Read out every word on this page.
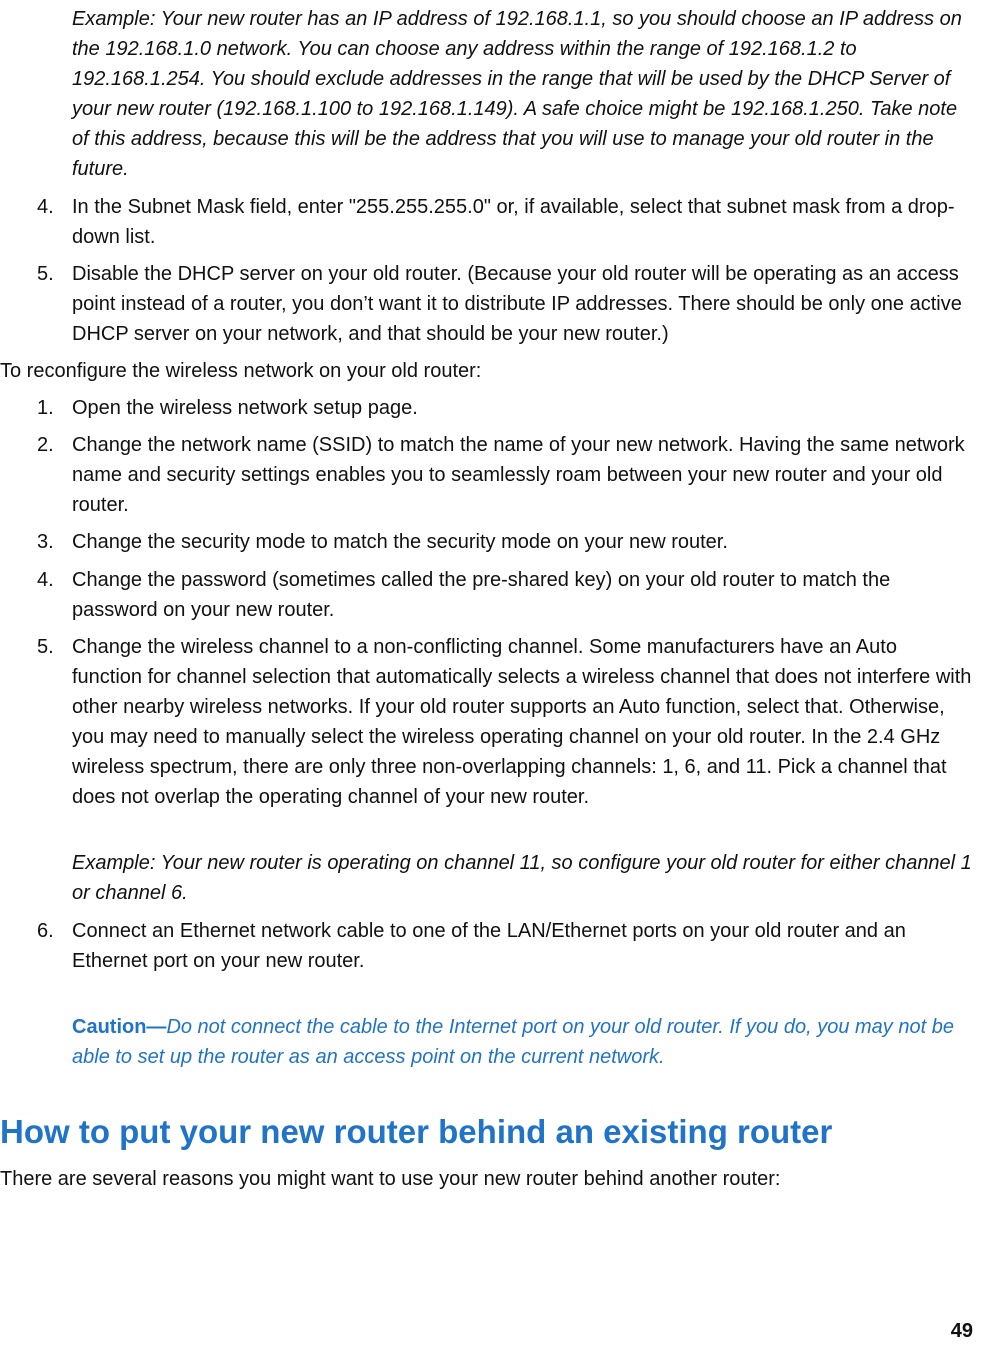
Example: Your new router has an IP address of 192.168.1.1, so you should choose an IP address on the 192.168.1.0 network. You can choose any address within the range of 192.168.1.2 to 192.168.1.254. You should exclude addresses in the range that will be used by the DHCP Server of your new router (192.168.1.100 to 192.168.1.149). A safe choice might be 192.168.1.250. Take note of this address, because this will be the address that you will use to manage your old router in the future.

4. In the Subnet Mask field, enter "255.255.255.0" or, if available, select that subnet mask from a drop-down list.
5. Disable the DHCP server on your old router. (Because your old router will be operating as an access point instead of a router, you don’t want it to distribute IP addresses. There should be only one active DHCP server on your network, and that should be your new router.)

To reconfigure the wireless network on your old router:

1. Open the wireless network setup page.
2. Change the network name (SSID) to match the name of your new network. Having the same network name and security settings enables you to seamlessly roam between your new router and your old router.
3. Change the security mode to match the security mode on your new router.
4. Change the password (sometimes called the pre-shared key) on your old router to match the password on your new router.
5. Change the wireless channel to a non-conflicting channel. Some manufacturers have an Auto function for channel selection that automatically selects a wireless channel that does not interfere with other nearby wireless networks. If your old router supports an Auto function, select that. Otherwise, you may need to manually select the wireless operating channel on your old router. In the 2.4 GHz wireless spectrum, there are only three non-overlapping channels: 1, 6, and 11. Pick a channel that does not overlap the operating channel of your new router.

Example: Your new router is operating on channel 11, so configure your old router for either channel 1 or channel 6.

6. Connect an Ethernet network cable to one of the LAN/Ethernet ports on your old router and an Ethernet port on your new router.

Caution—Do not connect the cable to the Internet port on your old router. If you do, you may not be able to set up the router as an access point on the current network.

How to put your new router behind an existing router

There are several reasons you might want to use your new router behind another router:

49
